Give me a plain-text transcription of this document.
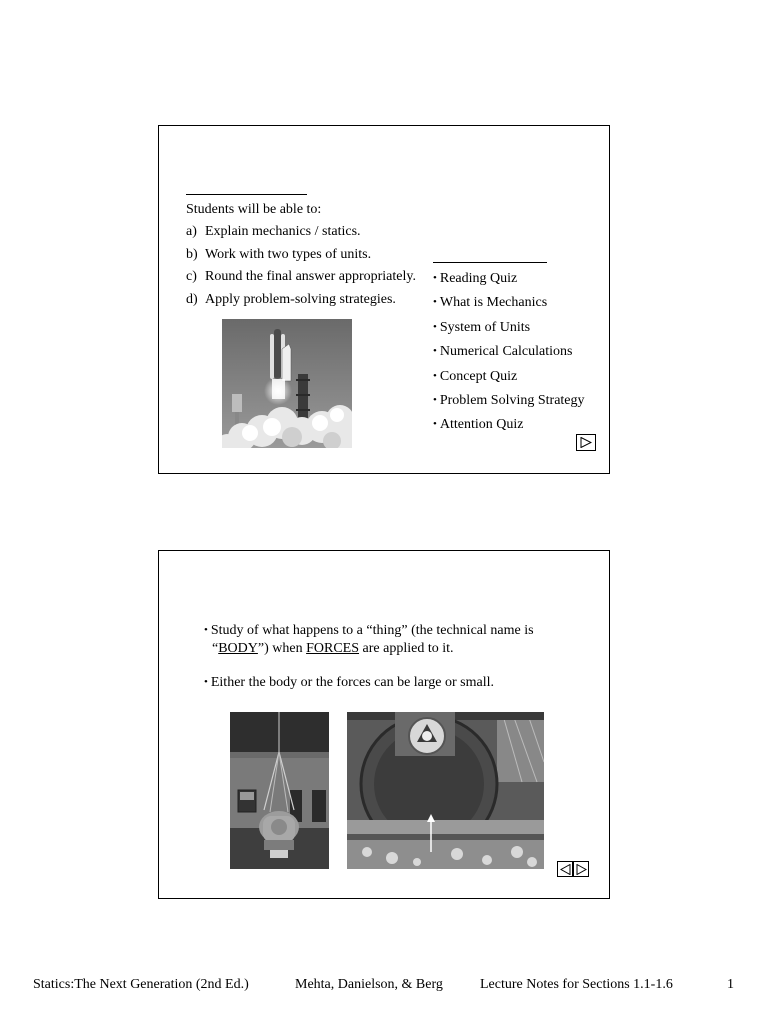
Students will be able to:
a) Explain mechanics / statics.
b) Work with two types of units.
c) Round the final answer appropriately.
d) Apply problem-solving strategies.
• Reading Quiz
• What is Mechanics
• System of Units
• Numerical Calculations
• Concept Quiz
• Problem Solving Strategy
• Attention Quiz
• Study of what happens to a “thing” (the technical name is
“BODY”) when FORCES are applied to it.
• Either the body or the forces can be large or small.
Statics:The Next Generation (2nd Ed.)	Mehta, Danielson, & Berg	Lecture Notes for Sections 1.1-1.6	1
